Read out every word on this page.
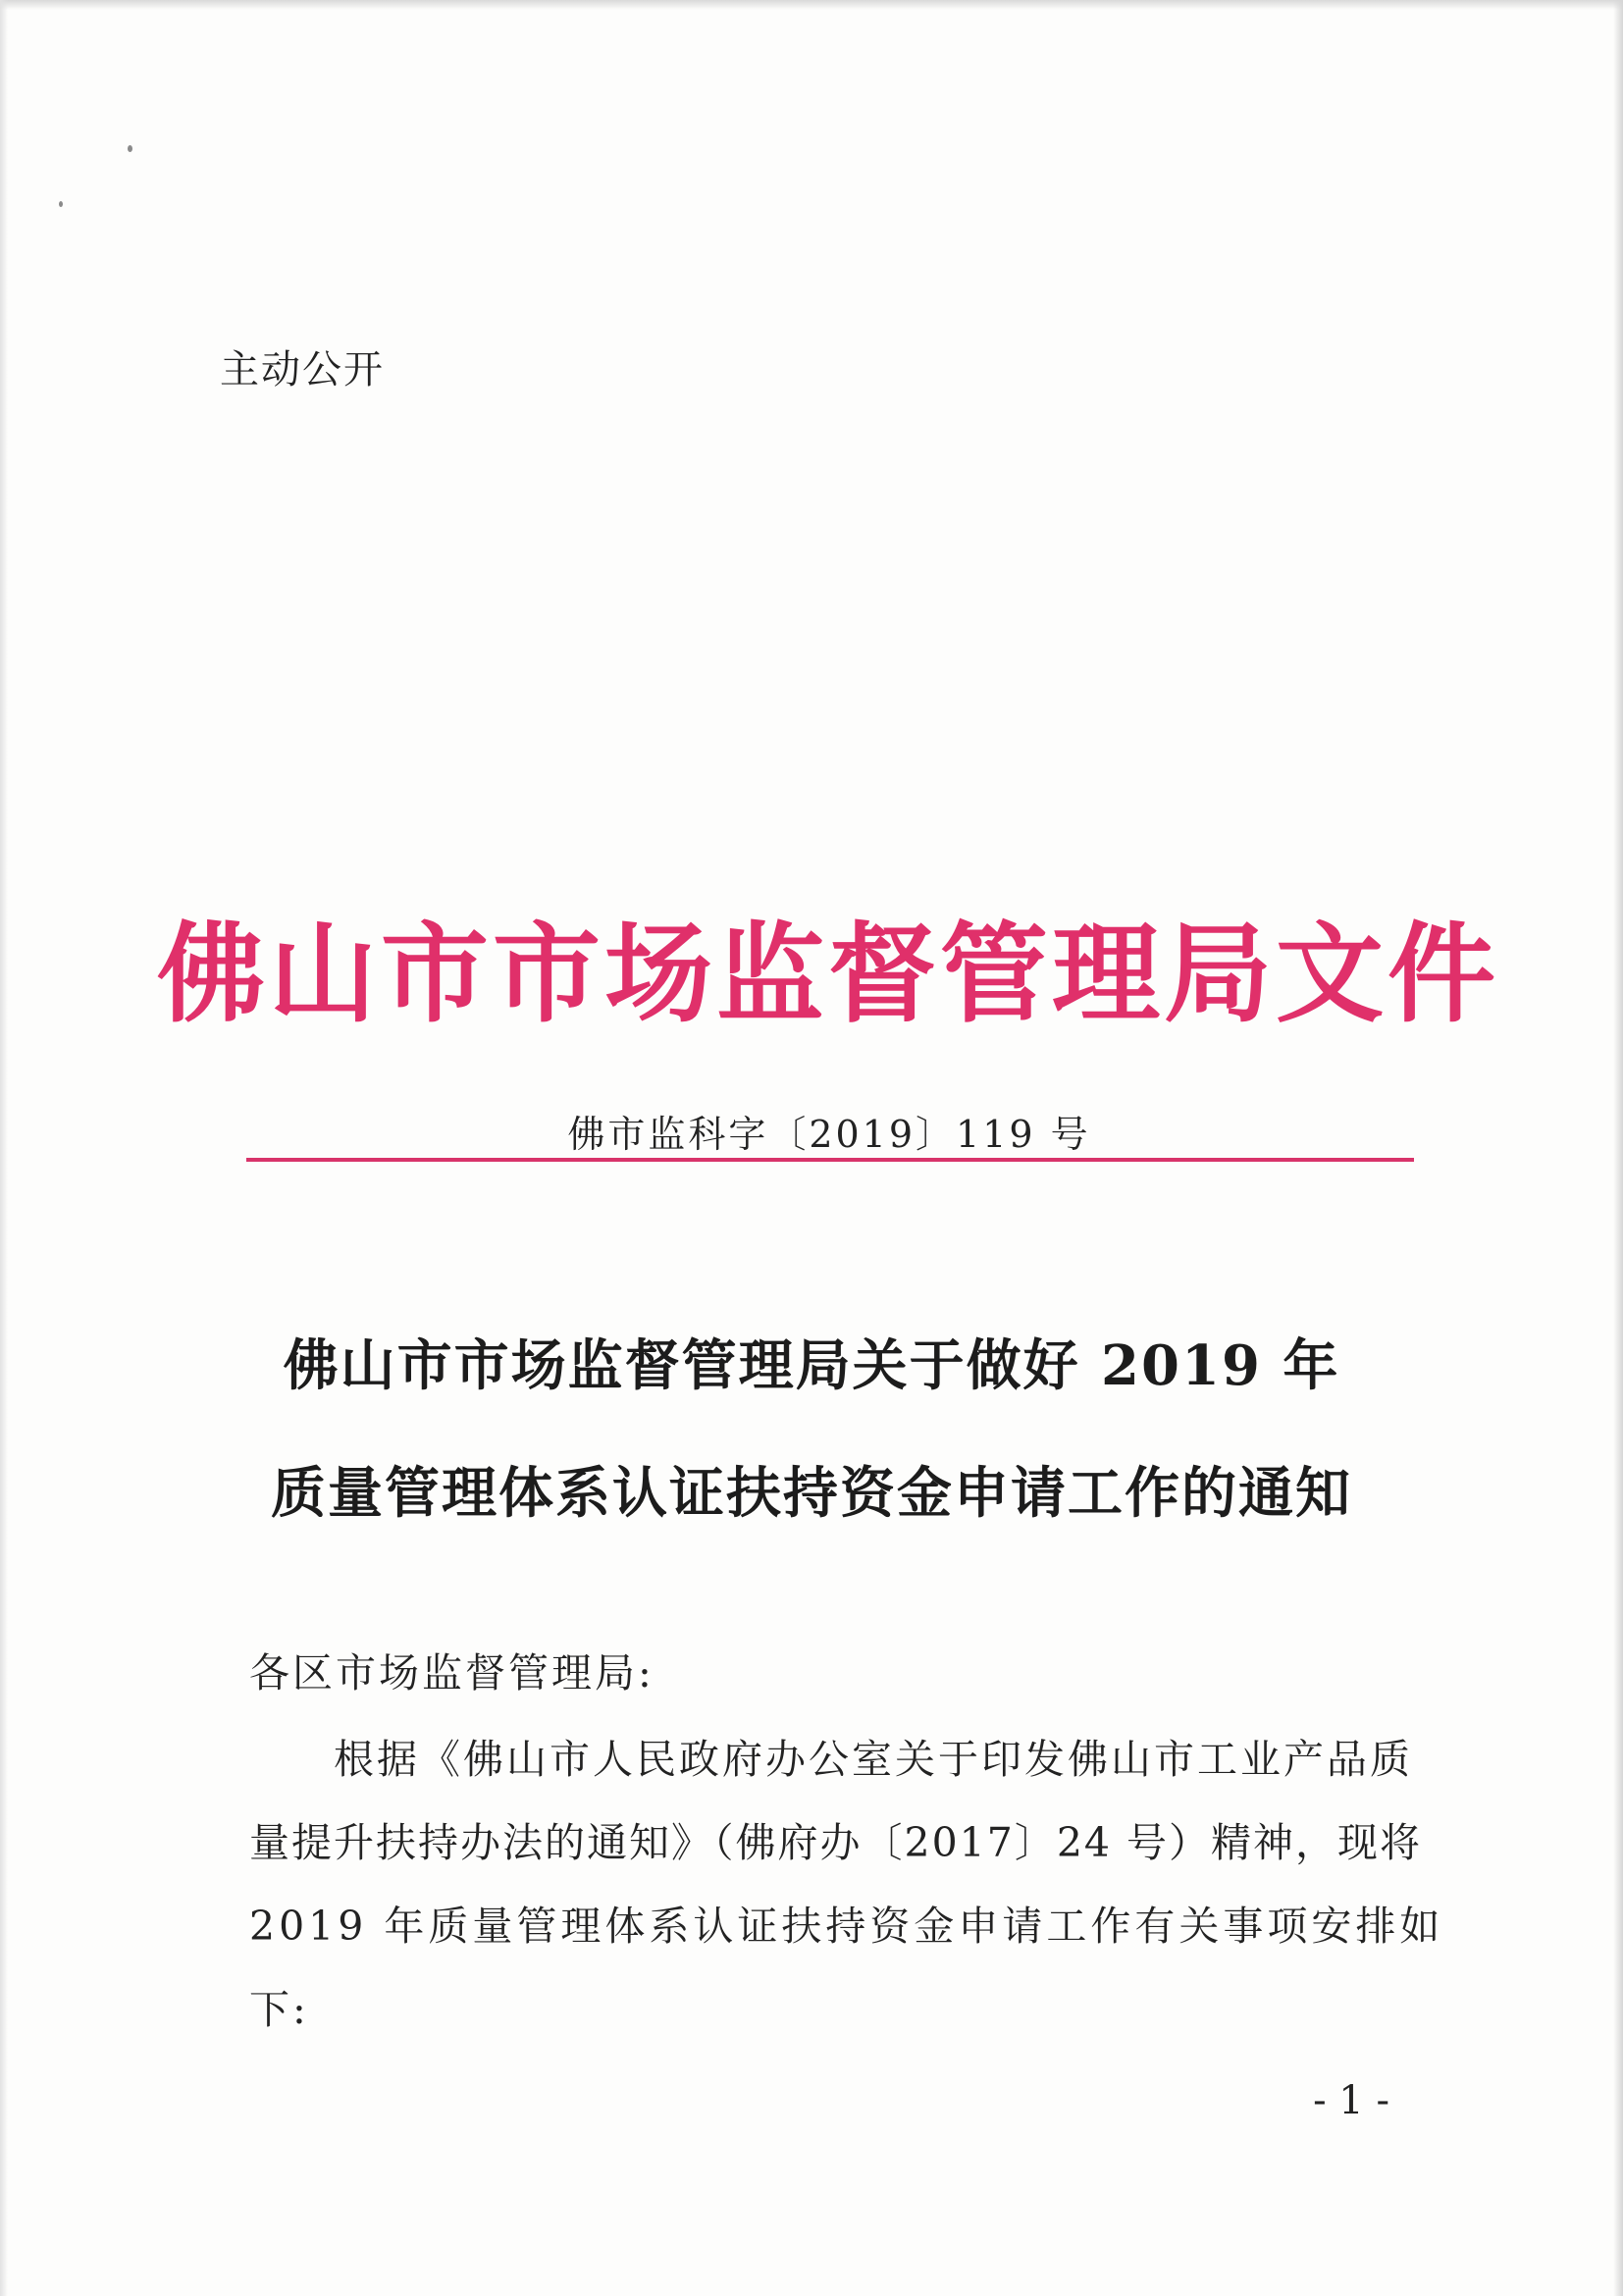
主动公开
佛山市市场监督管理局文件
佛市监科字〔2019〕119 号
佛山市市场监督管理局关于做好 2019 年
质量管理体系认证扶持资金申请工作的通知
各区市场监督管理局:
根据《佛山市人民政府办公室关于印发佛山市工业产品质
量提升扶持办法的通知》（佛府办〔2017〕24 号）精神，现将
2019 年质量管理体系认证扶持资金申请工作有关事项安排如
下:
- 1 -
